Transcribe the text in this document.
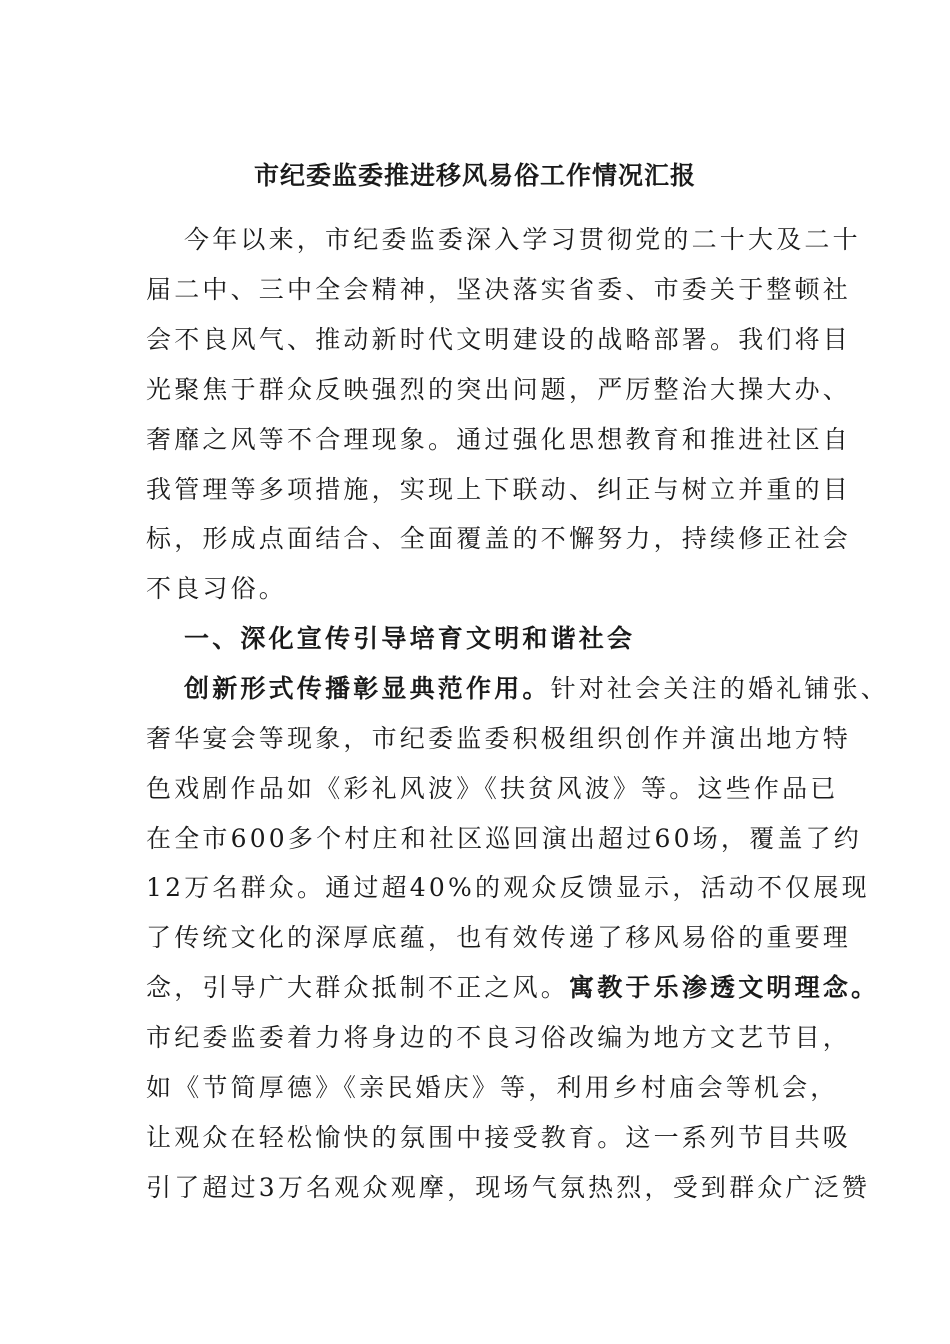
市纪委监委推进移风易俗工作情况汇报
今年以来，市纪委监委深入学习贯彻党的二十大及二十
届二中、三中全会精神，坚决落实省委、市委关于整顿社
会不良风气、推动新时代文明建设的战略部署。我们将目
光聚焦于群众反映强烈的突出问题，严厉整治大操大办、
奢靡之风等不合理现象。通过强化思想教育和推进社区自
我管理等多项措施，实现上下联动、纠正与树立并重的目
标，形成点面结合、全面覆盖的不懈努力，持续修正社会
不良习俗。
一、深化宣传引导培育文明和谐社会
创新形式传播彰显典范作用。针对社会关注的婚礼铺张、
奢华宴会等现象，市纪委监委积极组织创作并演出地方特
色戏剧作品如《彩礼风波》《扶贫风波》等。这些作品已
在全市600多个村庄和社区巡回演出超过60场，覆盖了约
12万名群众。通过超40%的观众反馈显示，活动不仅展现
了传统文化的深厚底蕴，也有效传递了移风易俗的重要理
念，引导广大群众抵制不正之风。寓教于乐渗透文明理念。
市纪委监委着力将身边的不良习俗改编为地方文艺节目，
如《节简厚德》《亲民婚庆》等，利用乡村庙会等机会，
让观众在轻松愉快的氛围中接受教育。这一系列节目共吸
引了超过3万名观众观摩，现场气氛热烈，受到群众广泛赞
